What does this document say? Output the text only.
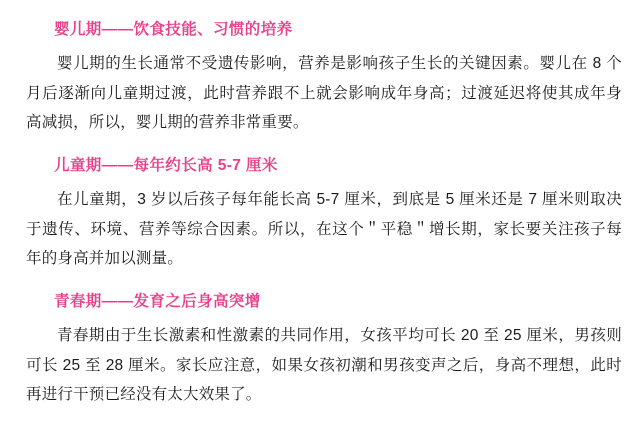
婴儿期——饮食技能、习惯的培养

婴儿期的生长通常不受遗传影响，营养是影响孩子生长的关键因素。婴儿在 8 个月后逐渐向儿童期过渡，此时营养跟不上就会影响成年身高；过渡延迟将使其成年身高减损，所以，婴儿期的营养非常重要。

儿童期——每年约长高 5-7 厘米

在儿童期，3 岁以后孩子每年能长高 5-7 厘米，到底是 5 厘米还是 7 厘米则取决于遗传、环境、营养等综合因素。所以，在这个＂平稳＂增长期，家长要关注孩子每年的身高并加以测量。

青春期——发育之后身高突增

青春期由于生长激素和性激素的共同作用，女孩平均可长 20 至 25 厘米，男孩则可长 25 至 28 厘米。家长应注意，如果女孩初潮和男孩变声之后，身高不理想，此时再进行干预已经没有太大效果了。
